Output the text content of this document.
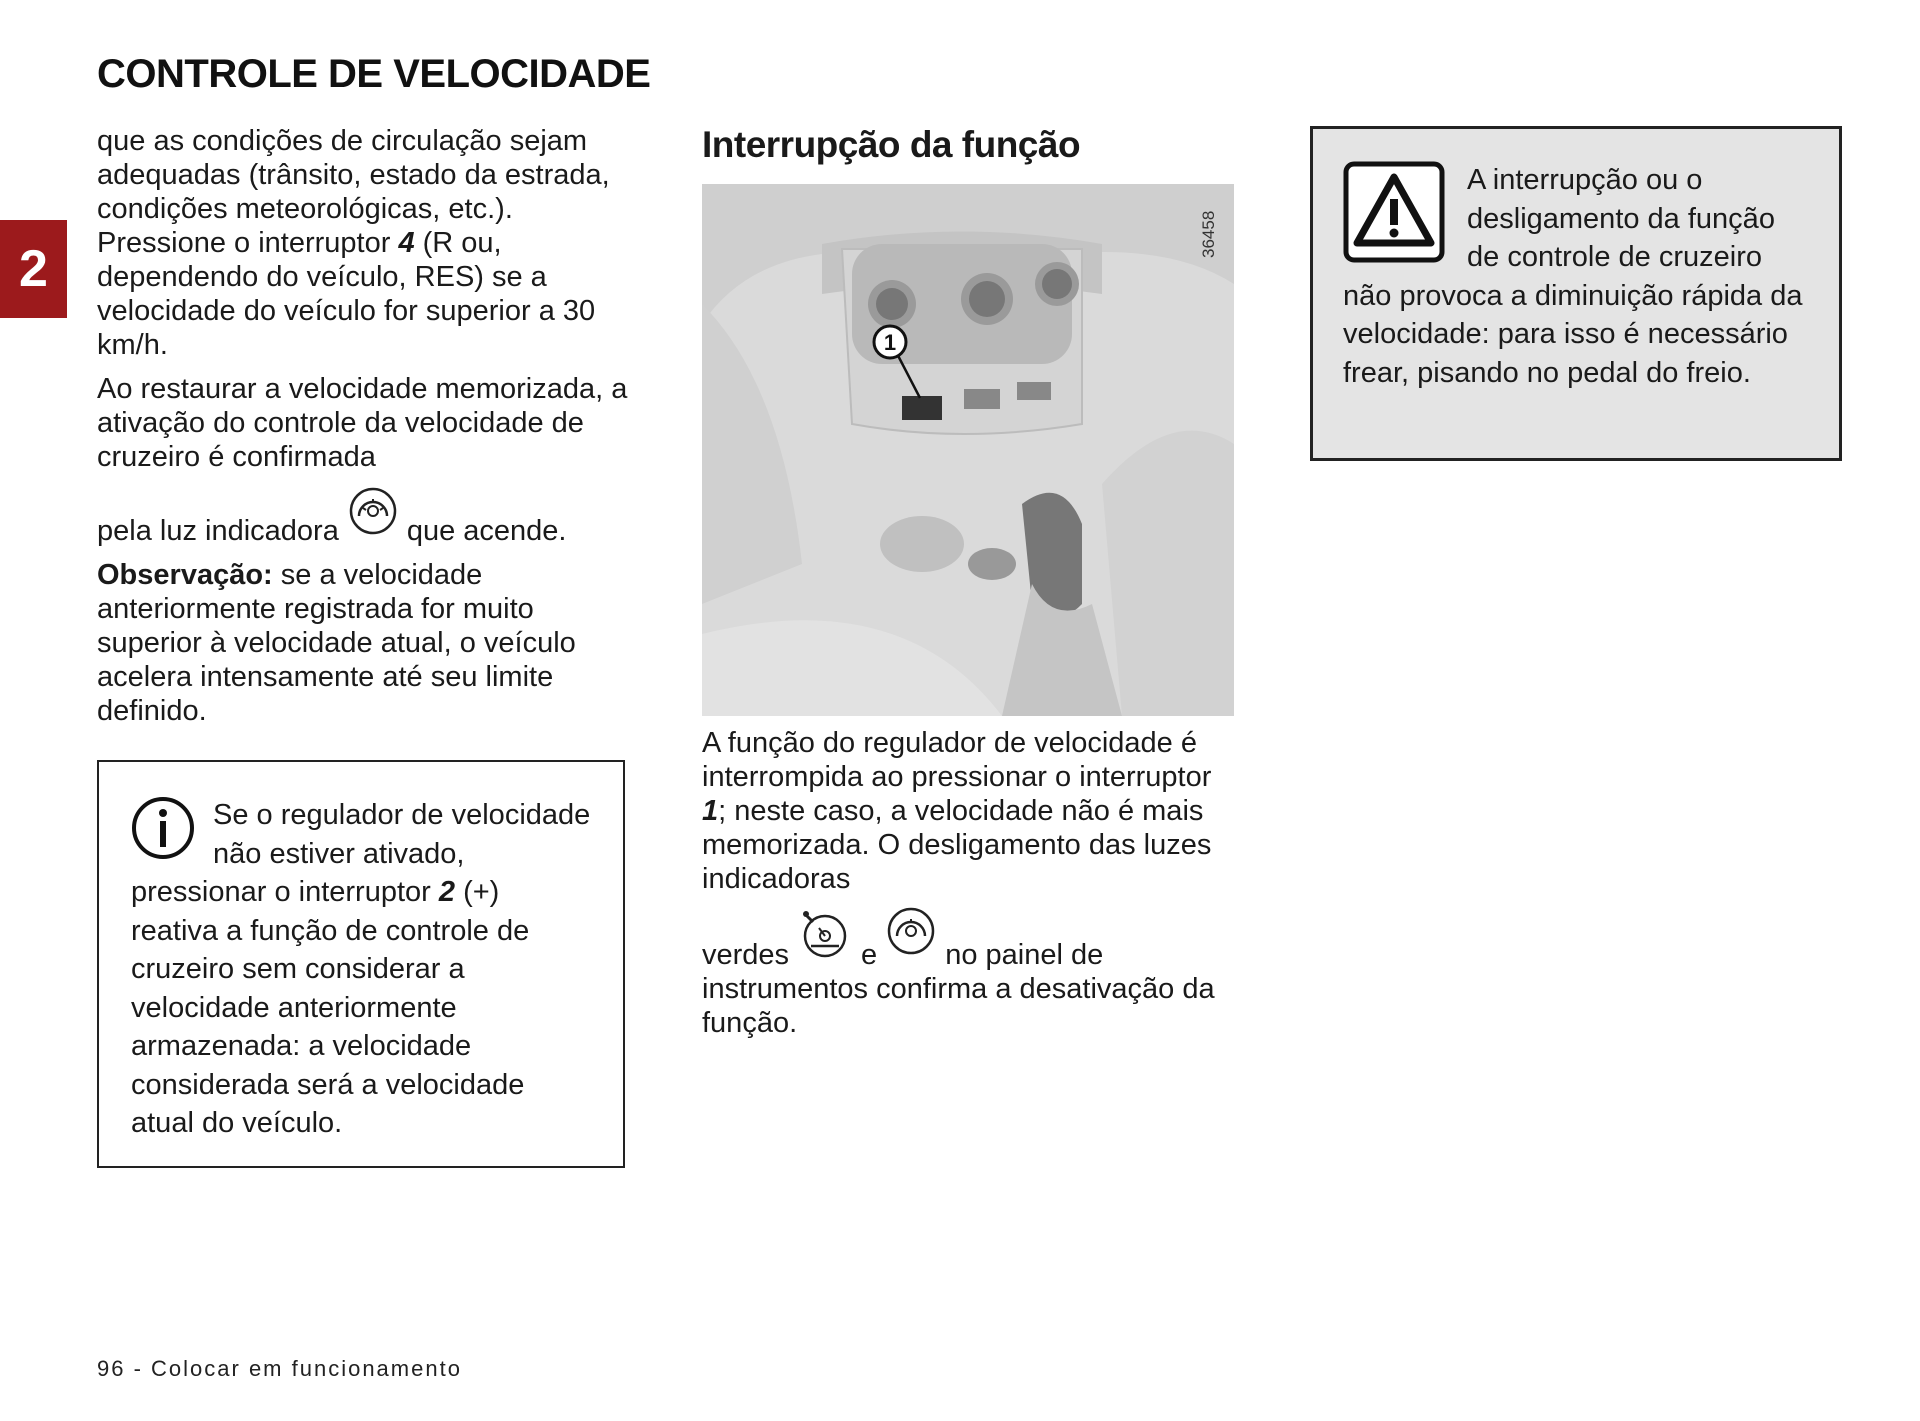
CONTROLE DE VELOCIDADE
2

que as condições de circulação sejam adequadas (trânsito, estado da estrada, condições meteorológicas, etc.). Pressione o interruptor 4 (R ou, dependendo do veículo, RES) se a velocidade do veículo for superior a 30 km/h.

Ao restaurar a velocidade memorizada, a ativação do controle da velocidade de cruzeiro é confirmada

pela luz indicadora que acende.

Observação: se a velocidade anteriormente registrada for muito superior à velocidade atual, o veículo acelera intensamente até seu limite definido.

Se o regulador de velocidade não estiver ativado, pressionar o interruptor 2 (+) reativa a função de controle de cruzeiro sem considerar a velocidade anteriormente armazenada: a velocidade considerada será a velocidade atual do veículo.

Interrupção da função
1
36458

A função do regulador de velocidade é interrompida ao pressionar o interruptor 1; neste caso, a velocidade não é mais memorizada. O desligamento das luzes indicadoras

verdes e no painel de instrumentos confirma a desativação da função.

A interrupção ou o desligamento da função de controle de cruzeiro não provoca a diminuição rápida da velocidade: para isso é necessário frear, pisando no pedal do freio.

96 - Colocar em funcionamento
